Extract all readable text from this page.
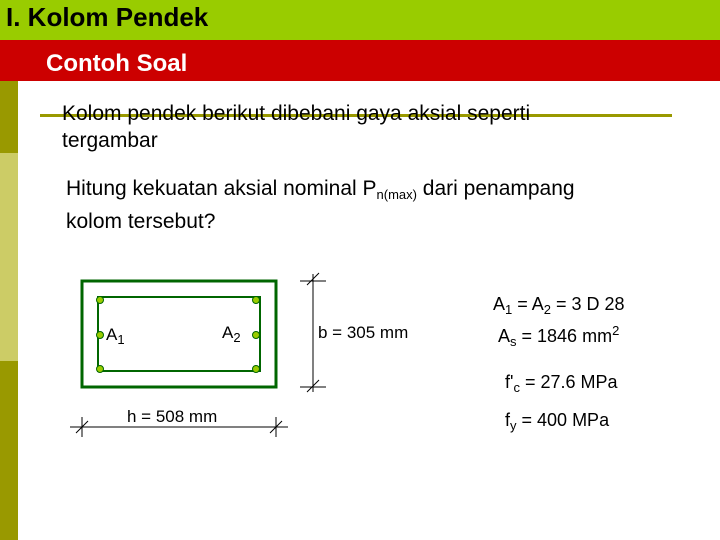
I. Kolom Pendek
Contoh Soal
Kolom pendek berikut dibebani gaya aksial seperti
tergambar
Hitung kekuatan aksial nominal $P_{n(max)}$ dari penampang
kolom tersebut?
$A_1$	$A_2$	b = 305 mm
h = 508 mm
$A_1 = A_2 = 3$ D 28
$A_s = 1846$ $mm^2$
$f'_c = 27.6$ MPa
$f_y = 400$ MPa
